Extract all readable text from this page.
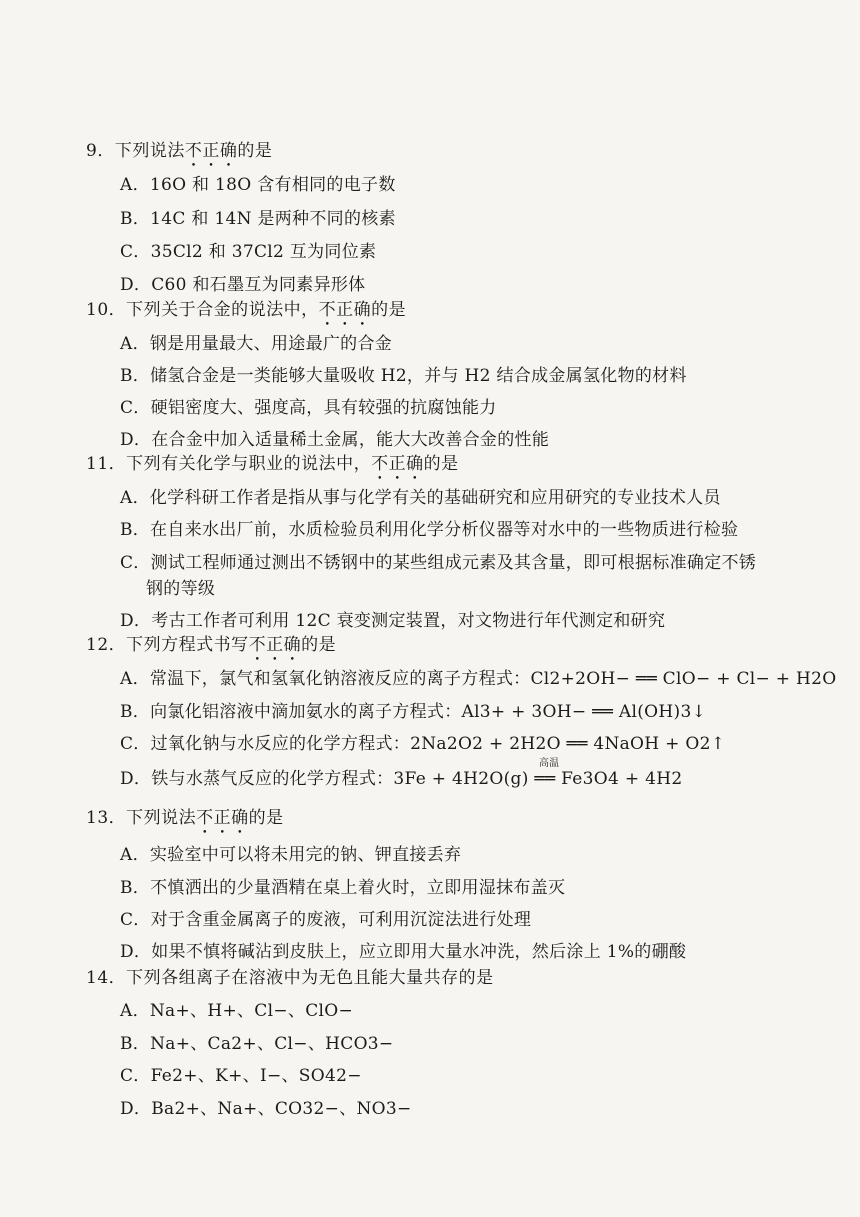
9．下列说法不正确的是
A．16O 和 18O 含有相同的电子数
B．14C 和 14N 是两种不同的核素
C．35Cl2 和 37Cl2 互为同位素
D．C60 和石墨互为同素异形体
10．下列关于合金的说法中，不正确的是
A．钢是用量最大、用途最广的合金
B．储氢合金是一类能够大量吸收 H2，并与 H2 结合成金属氢化物的材料
C．硬铝密度大、强度高，具有较强的抗腐蚀能力
D．在合金中加入适量稀土金属，能大大改善合金的性能
11．下列有关化学与职业的说法中，不正确的是
A．化学科研工作者是指从事与化学有关的基础研究和应用研究的专业技术人员
B．在自来水出厂前，水质检验员利用化学分析仪器等对水中的一些物质进行检验
C．测试工程师通过测出不锈钢中的某些组成元素及其含量，即可根据标准确定不锈
钢的等级
D．考古工作者可利用 12C 衰变测定装置，对文物进行年代测定和研究
12．下列方程式书写不正确的是
A．常温下，氯气和氢氧化钠溶液反应的离子方程式：Cl2+2OH− ══ ClO− + Cl− + H2O
B．向氯化铝溶液中滴加氨水的离子方程式：Al3+ + 3OH− ══ Al(OH)3↓
C．过氧化钠与水反应的化学方程式：2Na2O2 + 2H2O ══ 4NaOH + O2↑
D．铁与水蒸气反应的化学方程式：3Fe + 4H2O(g) ══ Fe3O4 + 4H2
高温
13．下列说法不正确的是
A．实验室中可以将未用完的钠、钾直接丢弃
B．不慎洒出的少量酒精在桌上着火时，立即用湿抹布盖灭
C．对于含重金属离子的废液，可利用沉淀法进行处理
D．如果不慎将碱沾到皮肤上，应立即用大量水冲洗，然后涂上 1%的硼酸
14．下列各组离子在溶液中为无色且能大量共存的是
A．Na+、H+、Cl−、ClO−
B．Na+、Ca2+、Cl−、HCO3−
C．Fe2+、K+、I−、SO42−
D．Ba2+、Na+、CO32−、NO3−
